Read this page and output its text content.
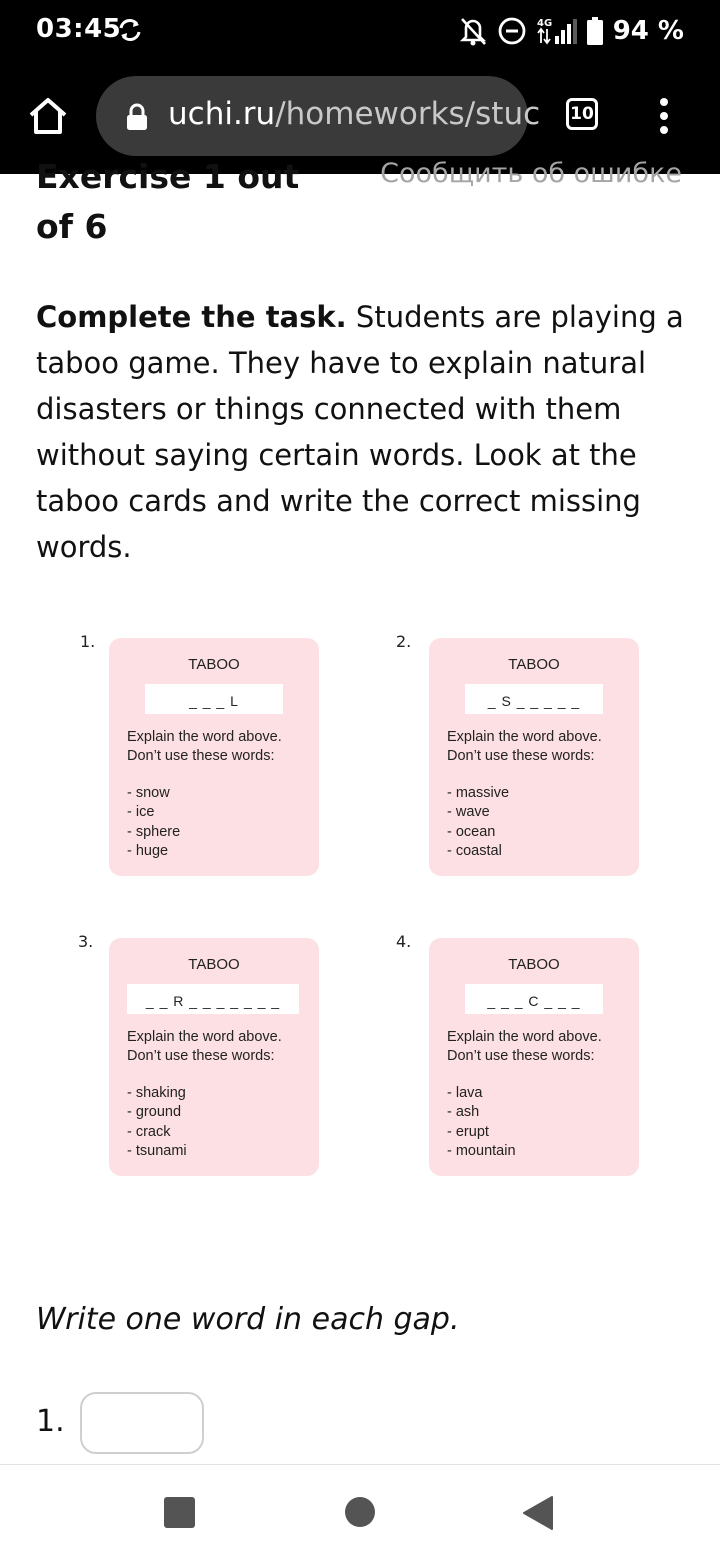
03:45	4G 94 %
uchi.ru/homeworks/stuc 10
Exercise 1 out of 6
Сообщить об ошибке
Complete the task. Students are playing a taboo game. They have to explain natural disasters or things connected with them without saying certain words. Look at the taboo cards and write the correct missing words.
1.
TABOO
_ _ _ L
Explain the word above.
Don’t use these words:
- snow
- ice
- sphere
- huge
2.
TABOO
_ S _ _ _ _ _
Explain the word above.
Don’t use these words:
- massive
- wave
- ocean
- coastal
3.
TABOO
_ _ R _ _ _ _ _ _ _
Explain the word above.
Don’t use these words:
- shaking
- ground
- crack
- tsunami
4.
TABOO
_ _ _ C _ _ _
Explain the word above.
Don’t use these words:
- lava
- ash
- erupt
- mountain
Write one word in each gap.
1.
